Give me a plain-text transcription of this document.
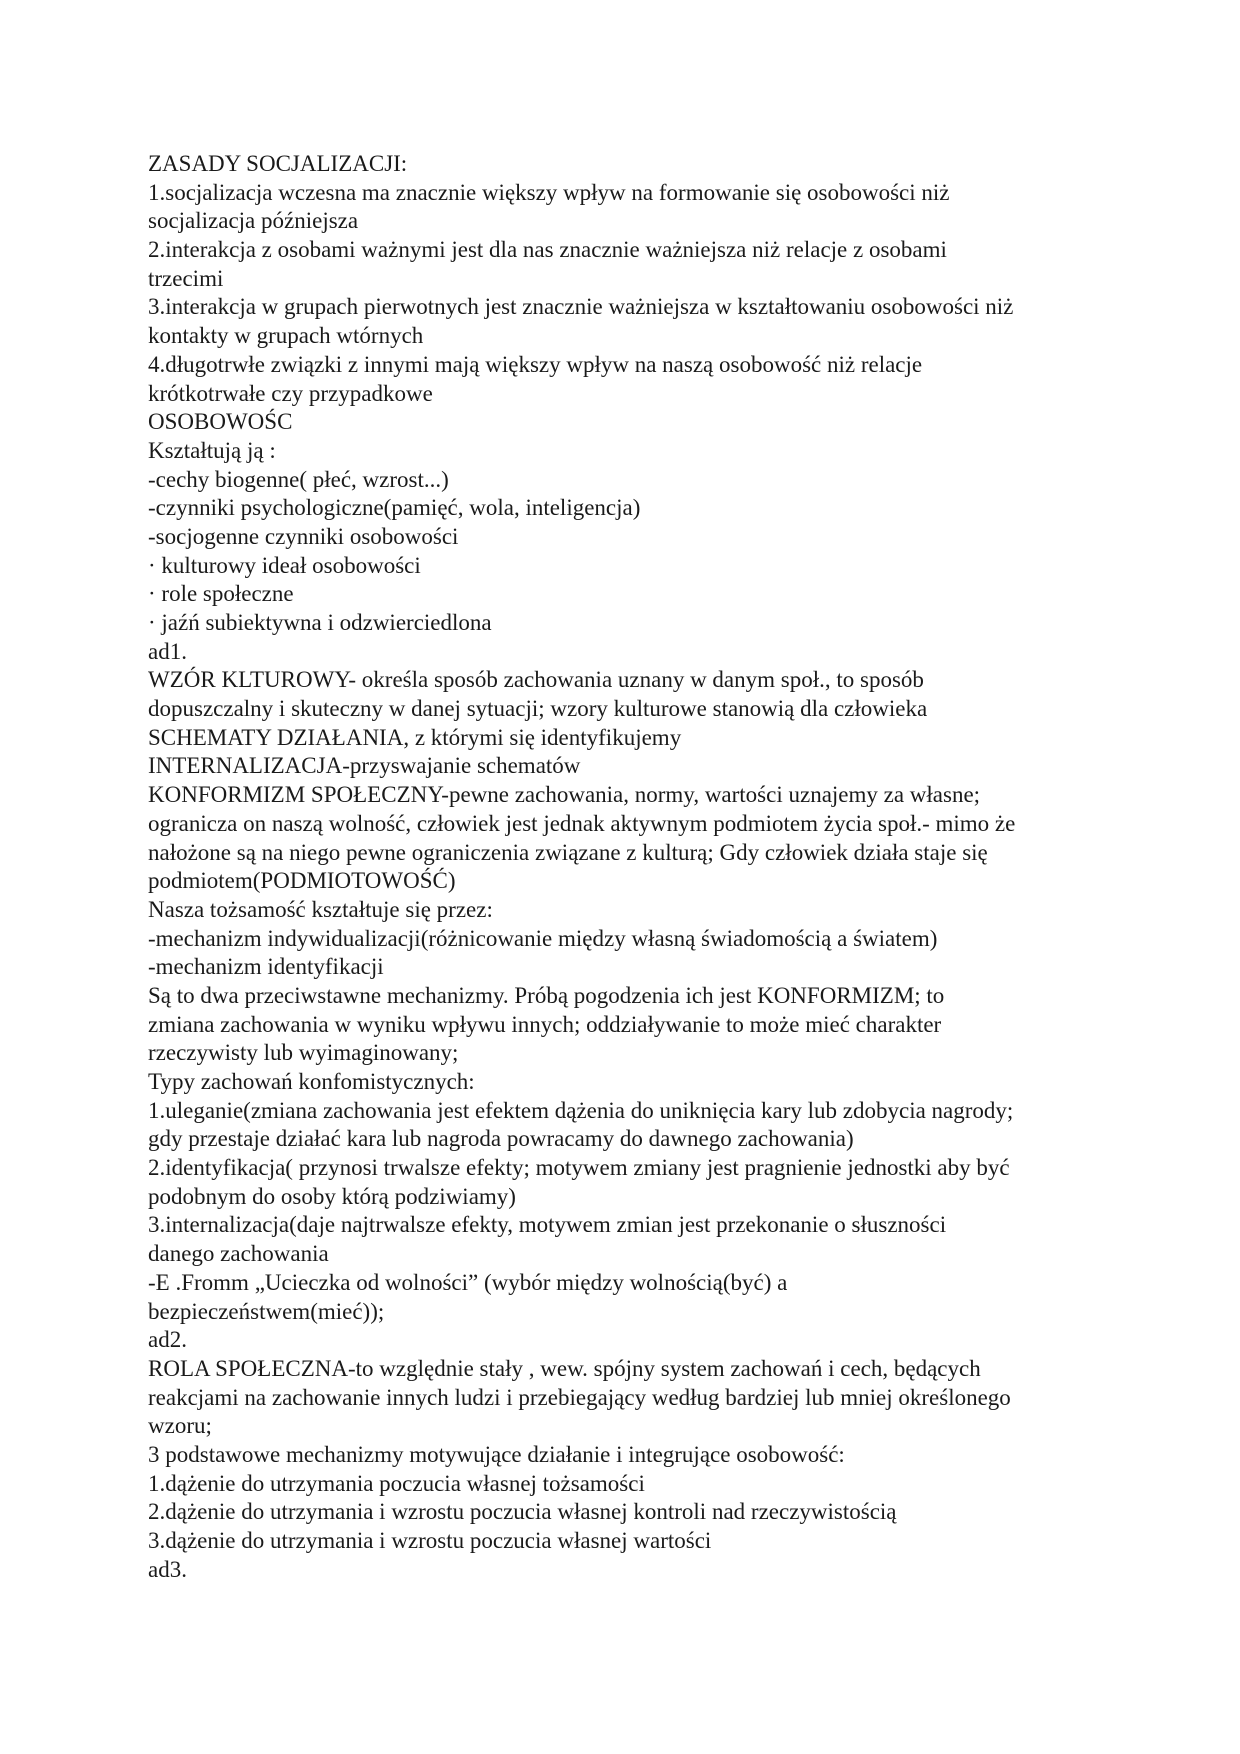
ZASADY SOCJALIZACJI:
1.socjalizacja wczesna ma znacznie większy wpływ na formowanie się osobowości niż
socjalizacja późniejsza
2.interakcja z osobami ważnymi jest dla nas znacznie ważniejsza niż relacje z osobami
trzecimi
3.interakcja w grupach pierwotnych jest znacznie ważniejsza w kształtowaniu osobowości niż
kontakty w grupach wtórnych
4.długotrwłe związki z innymi mają większy wpływ na naszą osobowość niż relacje
krótkotrwałe czy przypadkowe
OSOBOWOŚC
Kształtują ją :
-cechy biogenne( płeć, wzrost...)
-czynniki psychologiczne(pamięć, wola, inteligencja)
-socjogenne czynniki osobowości
· kulturowy ideał osobowości
· role społeczne
· jaźń subiektywna i odzwierciedlona
ad1.
WZÓR KLTUROWY- określa sposób zachowania uznany w danym społ., to sposób
dopuszczalny i skuteczny w danej sytuacji; wzory kulturowe stanowią dla człowieka
SCHEMATY DZIAŁANIA, z którymi się identyfikujemy
INTERNALIZACJA-przyswajanie schematów
KONFORMIZM SPOŁECZNY-pewne zachowania, normy, wartości uznajemy za własne;
ogranicza on naszą wolność, człowiek jest jednak aktywnym podmiotem życia społ.- mimo że
nałożone są na niego pewne ograniczenia związane z kulturą; Gdy człowiek działa staje się
podmiotem(PODMIOTOWOŚĆ)
Nasza tożsamość kształtuje się przez:
-mechanizm indywidualizacji(różnicowanie między własną świadomością a światem)
-mechanizm identyfikacji
Są to dwa przeciwstawne mechanizmy. Próbą pogodzenia ich jest KONFORMIZM; to
zmiana zachowania w wyniku wpływu innych; oddziaływanie to może mieć charakter
rzeczywisty lub wyimaginowany;
Typy zachowań konfomistycznych:
1.uleganie(zmiana zachowania jest efektem dążenia do uniknięcia kary lub zdobycia nagrody;
gdy przestaje działać kara lub nagroda powracamy do dawnego zachowania)
2.identyfikacja( przynosi trwalsze efekty; motywem zmiany jest pragnienie jednostki aby być
podobnym do osoby którą podziwiamy)
3.internalizacja(daje najtrwalsze efekty, motywem zmian jest przekonanie o słuszności
danego zachowania
-E .Fromm „Ucieczka od wolności” (wybór między wolnością(być) a
bezpieczeństwem(mieć));
ad2.
ROLA SPOŁECZNA-to względnie stały , wew. spójny system zachowań i cech, będących
reakcjami na zachowanie innych ludzi i przebiegający według bardziej lub mniej określonego
wzoru;
3 podstawowe mechanizmy motywujące działanie i integrujące osobowość:
1.dążenie do utrzymania poczucia własnej tożsamości
2.dążenie do utrzymania i wzrostu poczucia własnej kontroli nad rzeczywistością
3.dążenie do utrzymania i wzrostu poczucia własnej wartości
ad3.
